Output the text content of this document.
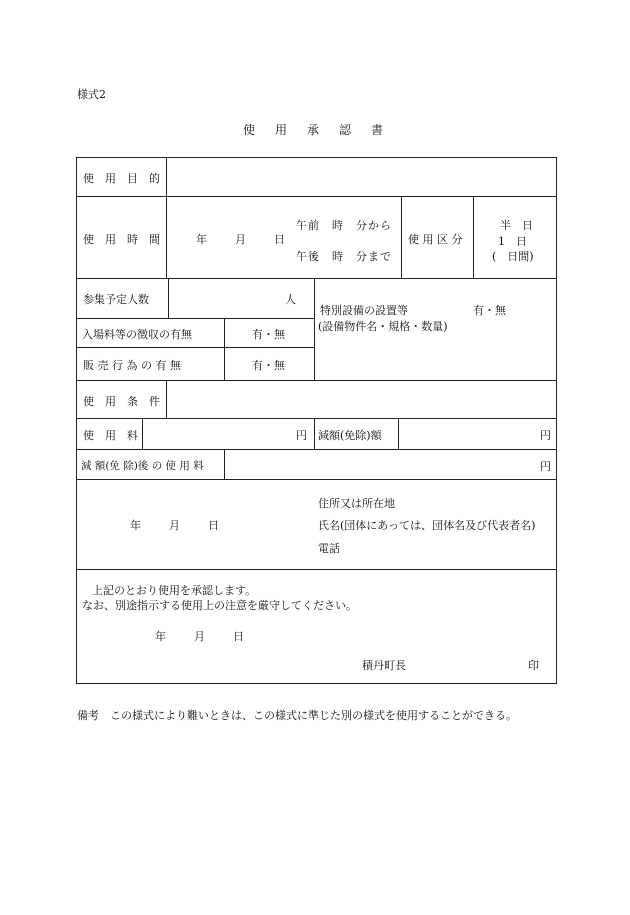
様式2
使　用　承　認　書
使　用　目　的
使　用　時　間	年　　月　　日
午前　時　分から
午後　時　分まで
使 用 区 分
半　日
1　日
(　日間)
参集予定人数	人
特別設備の設置等	有・無
(設備物件名・規格・数量)
入場料等の徴収の有無	有・無
販 売 行 為 の 有 無	有・無
使　用　条　件
使　用　料	円 減額(免除)額	円
減 額(免 除)後 の 使 用 料	円
年　　月　　日
住所又は所在地
氏名(団体にあっては、団体名及び代表者名)
電話
上記のとおり使用を承認します。
なお、別途指示する使用上の注意を厳守してください。
年　　月　　日
積丹町長	印
備考　この様式により難いときは、この様式に準じた別の様式を使用することができる。
